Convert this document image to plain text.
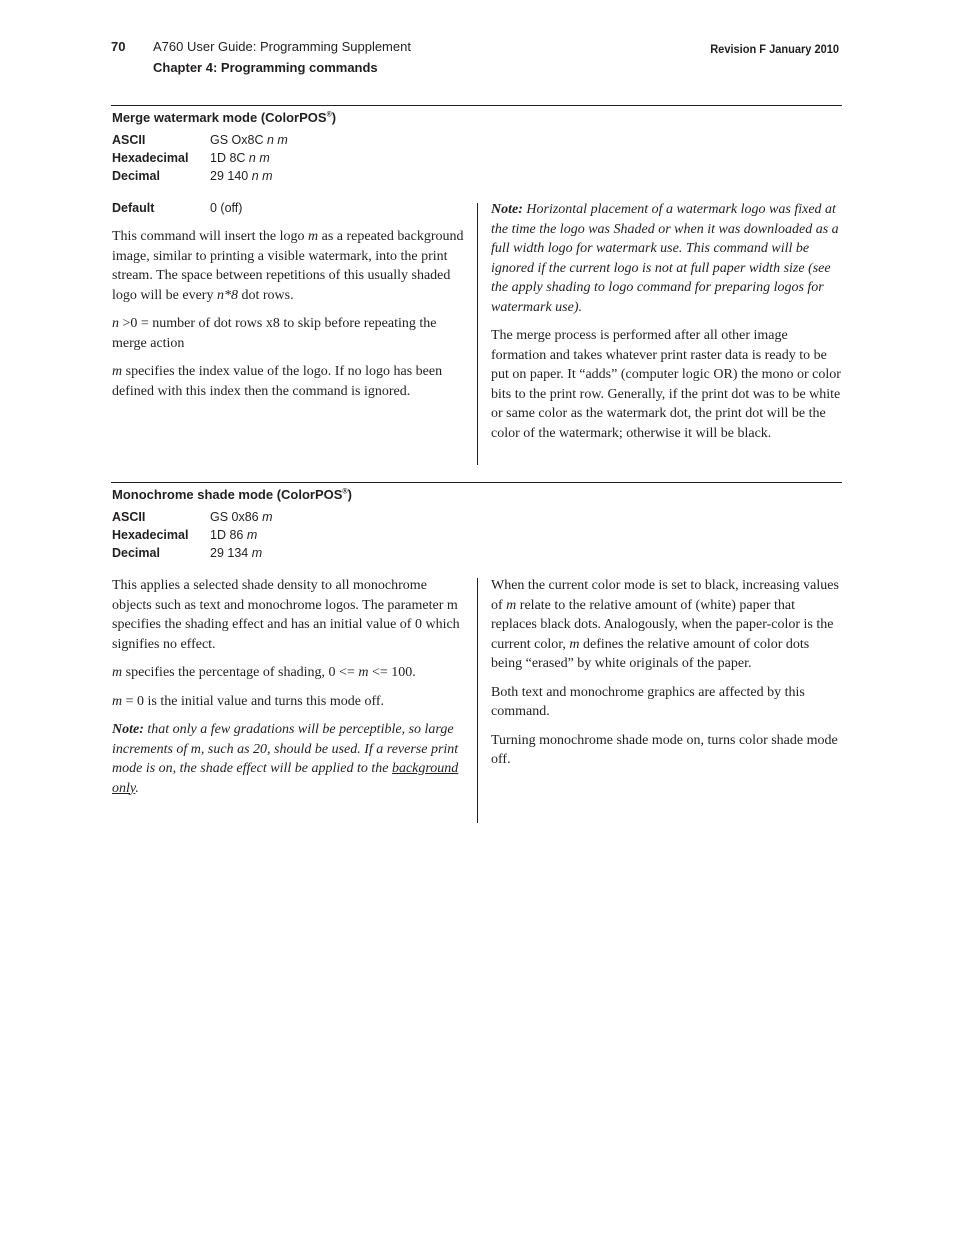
70 A760 User Guide: Programming Supplement
Chapter 4: Programming commands
Revision F January 2010
Merge watermark mode (ColorPOS®)
ASCII	GS Ox8C n m
Hexadecimal 1D 8C n m
Decimal	29 140 n m
Default	0 (off)

This command will insert the logo m as a repeated background image, similar to printing a visible watermark, into the print stream. The space between repetitions of this usually shaded logo will be every n*8 dot rows.

n >0 = number of dot rows x8 to skip before repeating the merge action

m specifies the index value of the logo. If no logo has been defined with this index then the command is ignored.

Note: Horizontal placement of a watermark logo was fixed at the time the logo was Shaded or when it was downloaded as a full width logo for watermark use. This command will be ignored if the current logo is not at full paper width size (see the apply shading to logo command for preparing logos for watermark use).

The merge process is performed after all other image formation and takes whatever print raster data is ready to be put on paper. It “adds” (computer logic OR) the mono or color bits to the print row. Generally, if the print dot was to be white or same color as the watermark dot, the print dot will be the color of the watermark; otherwise it will be black.

Monochrome shade mode (ColorPOS®)
ASCII	GS 0x86 m
Hexadecimal 1D 86 m
Decimal	29 134 m

This applies a selected shade density to all monochrome objects such as text and monochrome logos. The parameter m specifies the shading effect and has an initial value of 0 which signifies no effect.

m specifies the percentage of shading, 0 <= m <= 100.

m = 0 is the initial value and turns this mode off.

Note: that only a few gradations will be perceptible, so large increments of m, such as 20, should be used. If a reverse print mode is on, the shade effect will be applied to the background only.

When the current color mode is set to black, increasing values of m relate to the relative amount of (white) paper that replaces black dots. Analogously, when the paper-color is the current color, m defines the relative amount of color dots being “erased” by white originals of the paper.

Both text and monochrome graphics are affected by this command.

Turning monochrome shade mode on, turns color shade mode off.
